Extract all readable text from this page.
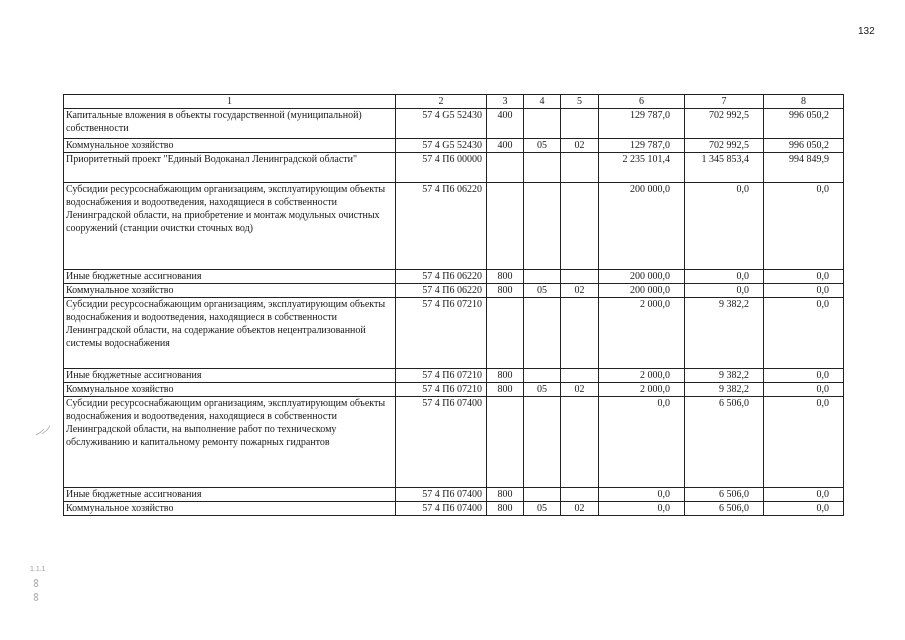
132
1	2	3	4	5	6	7	8
Капитальные вложения в объекты государственной (муниципальной) собственности	57 4 G5 52430	400			129 787,0	702 992,5	996 050,2
Коммунальное хозяйство	57 4 G5 52430	400	05	02	129 787,0	702 992,5	996 050,2
Приоритетный проект "Единый Водоканал Ленинградской области"	57 4 П6 00000				2 235 101,4	1 345 853,4	994 849,9
Субсидии ресурсоснабжающим организациям, эксплуатирующим объекты водоснабжения и водоотведения, находящиеся в собственности Ленинградской области, на приобретение и монтаж модульных очистных сооружений (станции очистки сточных вод)	57 4 П6 06220				200 000,0	0,0	0,0
Иные бюджетные ассигнования	57 4 П6 06220	800			200 000,0	0,0	0,0
Коммунальное хозяйство	57 4 П6 06220	800	05	02	200 000,0	0,0	0,0
Субсидии ресурсоснабжающим организациям, эксплуатирующим объекты водоснабжения и водоотведения, находящиеся в собственности Ленинградской области, на содержание объектов нецентрализованной системы водоснабжения	57 4 П6 07210				2 000,0	9 382,2	0,0
Иные бюджетные ассигнования	57 4 П6 07210	800			2 000,0	9 382,2	0,0
Коммунальное хозяйство	57 4 П6 07210	800	05	02	2 000,0	9 382,2	0,0
Субсидии ресурсоснабжающим организациям, эксплуатирующим объекты водоснабжения и водоотведения, находящиеся в собственности Ленинградской области, на выполнение работ по техническому обслуживанию и капитальному ремонту пожарных гидрантов	57 4 П6 07400				0,0	6 506,0	0,0
Иные бюджетные ассигнования	57 4 П6 07400	800			0,0	6 506,0	0,0
Коммунальное хозяйство	57 4 П6 07400	800	05	02	0,0	6 506,0	0,0
1.1.1
∞
∞
